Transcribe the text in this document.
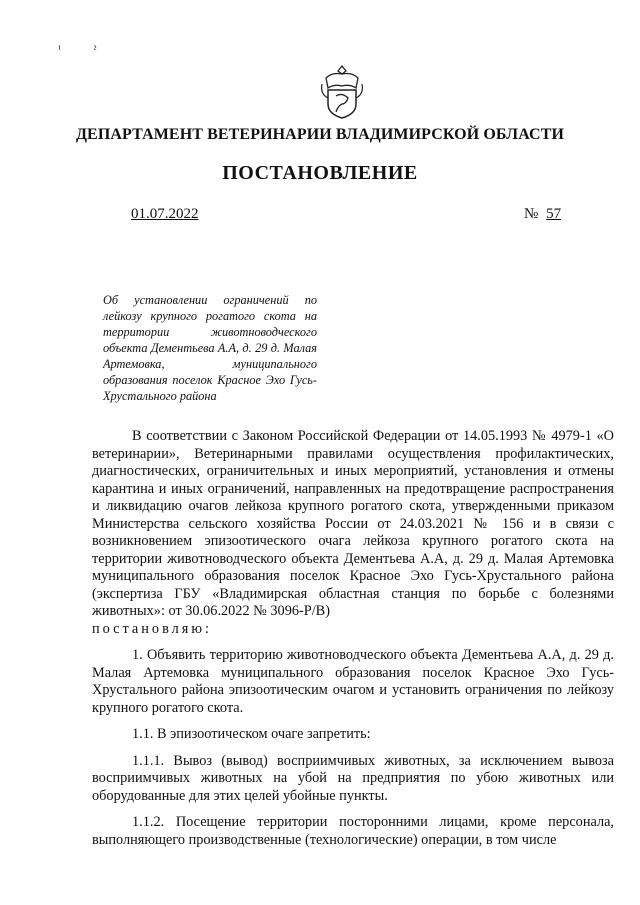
¹	²
ДЕПАРТАМЕНТ ВЕТЕРИНАРИИ ВЛАДИМИРСКОЙ ОБЛАСТИ
ПОСТАНОВЛЕНИЕ
01.07.2022	№ 57
Об установлении ограничений по лейкозу крупного рогатого скота на территории животноводческого объекта Дементьева А.А, д. 29 д. Малая Артемовка, муниципального образования поселок Красное Эхо Гусь-Хрустального района

В соответствии с Законом Российской Федерации от 14.05.1993 № 4979-1 «О ветеринарии», Ветеринарными правилами осуществления профилактических, диагностических, ограничительных и иных мероприятий, установления и отмены карантина и иных ограничений, направленных на предотвращение распространения и ликвидацию очагов лейкоза крупного рогатого скота, утвержденными приказом Министерства сельского хозяйства России от 24.03.2021 № 156 и в связи с возникновением эпизоотического очага лейкоза крупного рогатого скота на территории животноводческого объекта Дементьева А.А, д. 29 д. Малая Артемовка муниципального образования поселок Красное Эхо Гусь-Хрустального района (экспертиза ГБУ «Владимирская областная станция по борьбе с болезнями животных»: от 30.06.2022 № 3096-Р/В)

постановляю:

1. Объявить территорию животноводческого объекта Дементьева А.А, д. 29 д. Малая Артемовка муниципального образования поселок Красное Эхо Гусь-Хрустального района эпизоотическим очагом и установить ограничения по лейкозу крупного рогатого скота.

1.1. В эпизоотическом очаге запретить:

1.1.1. Вывоз (вывод) восприимчивых животных, за исключением вывоза восприимчивых животных на убой на предприятия по убою животных или оборудованные для этих целей убойные пункты.

1.1.2. Посещение территории посторонними лицами, кроме персонала, выполняющего производственные (технологические) операции, в том числе
